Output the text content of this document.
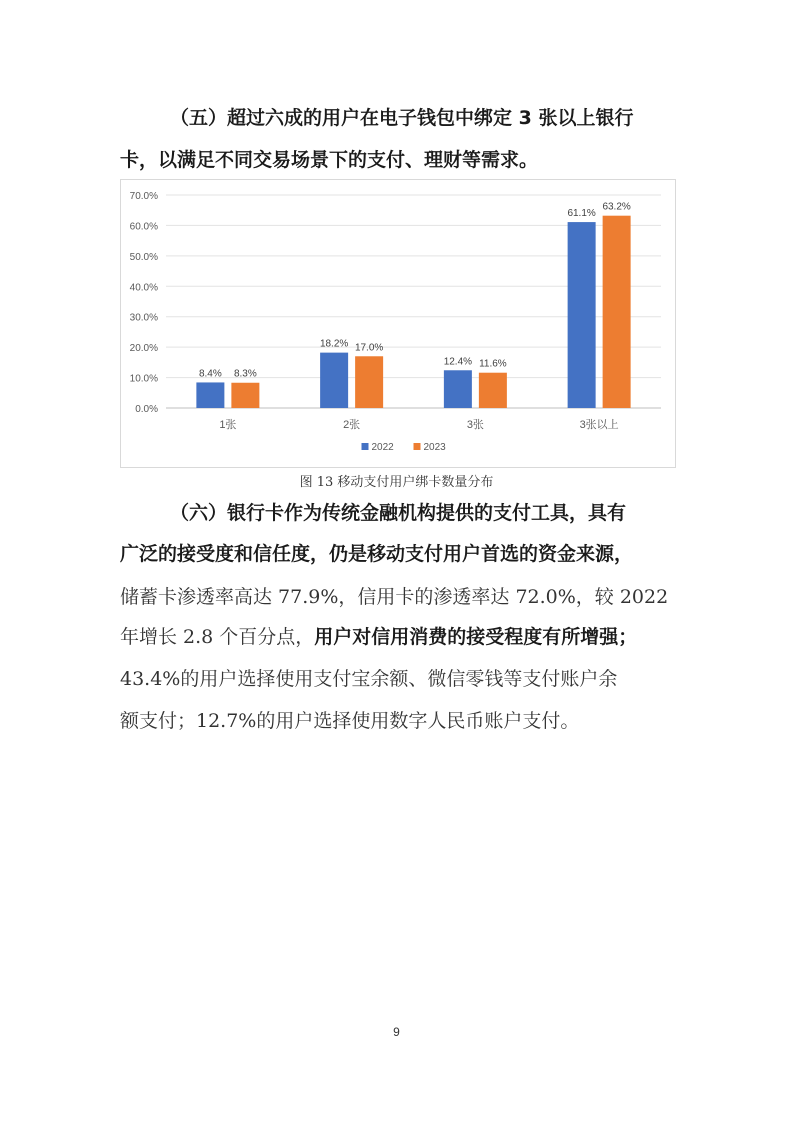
（五）超过六成的用户在电子钱包中绑定 3 张以上银行
卡，以满足不同交易场景下的支付、理财等需求。
0.0%
10.0%
20.0%
30.0%
40.0%
50.0%
60.0%
70.0%
8.4% 8.3%
1张
18.2% 17.0%
2张
12.4% 11.6%
3张
61.1%
63.2%
3张以上
2022	2023
图 13 移动支付用户绑卡数量分布
（六）银行卡作为传统金融机构提供的支付工具，具有
广泛的接受度和信任度，仍是移动支付用户首选的资金来源，
储蓄卡渗透率高达 77.9%，信用卡的渗透率达 72.0%，较 2022
年增长 2.8 个百分点，用户对信用消费的接受程度有所增强；
43.4%的用户选择使用支付宝余额、微信零钱等支付账户余
额支付；12.7%的用户选择使用数字人民币账户支付。
9
